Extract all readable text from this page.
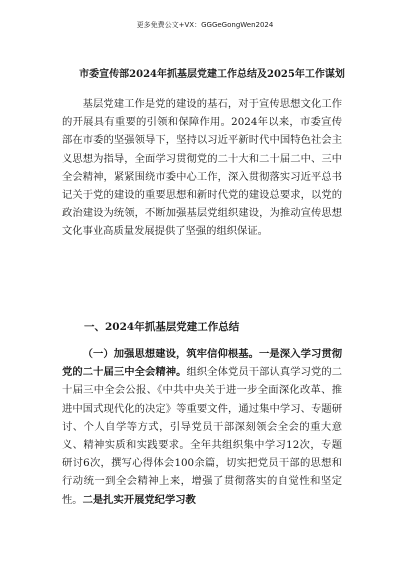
更多免费公文+VX：GGGeGongWen2024
市委宣传部2024年抓基层党建工作总结及2025年工作谋划
基层党建工作是党的建设的基石，对于宣传思想文化工作的开展具有重要的引领和保障作用。2024年以来，市委宣传部在市委的坚强领导下，坚持以习近平新时代中国特色社会主义思想为指导，全面学习贯彻党的二十大和二十届二中、三中全会精神，紧紧围绕市委中心工作，深入贯彻落实习近平总书记关于党的建设的重要思想和新时代党的建设总要求，以党的政治建设为统领，不断加强基层党组织建设，为推动宣传思想文化事业高质量发展提供了坚强的组织保证。
一、2024年抓基层党建工作总结
（一）加强思想建设，筑牢信仰根基。一是深入学习贯彻党的二十届三中全会精神。组织全体党员干部认真学习党的二十届三中全会公报、《中共中央关于进一步全面深化改革、推进中国式现代化的决定》等重要文件，通过集中学习、专题研讨、个人自学等方式，引导党员干部深刻领会全会的重大意义、精神实质和实践要求。全年共组织集中学习12次，专题研讨6次，撰写心得体会100余篇，切实把党员干部的思想和行动统一到全会精神上来，增强了贯彻落实的自觉性和坚定性。二是扎实开展党纪学习教
